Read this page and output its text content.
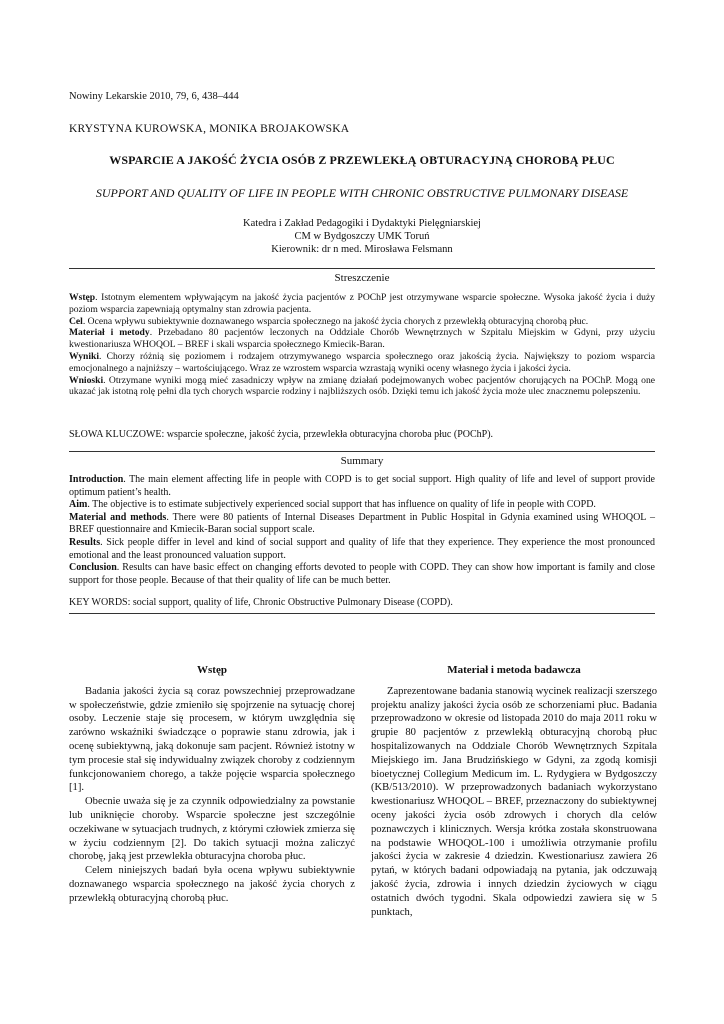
Nowiny Lekarskie 2010, 79, 6, 438–444
KRYSTYNA KUROWSKA, MONIKA BROJAKOWSKA
WSPARCIE A JAKOŚĆ ŻYCIA OSÓB Z PRZEWLEKŁĄ OBTURACYJNĄ CHOROBĄ PŁUC
SUPPORT AND QUALITY OF LIFE IN PEOPLE WITH CHRONIC OBSTRUCTIVE PULMONARY DISEASE
Katedra i Zakład Pedagogiki i Dydaktyki Pielęgniarskiej
CM w Bydgoszczy UMK Toruń
Kierownik: dr n med. Mirosława Felsmann
Streszczenie

Wstęp. Istotnym elementem wpływającym na jakość życia pacjentów z POChP jest otrzymywane wsparcie społeczne. Wysoka jakość życia i duży poziom wsparcia zapewniają optymalny stan zdrowia pacjenta.

Cel. Ocena wpływu subiektywnie doznawanego wsparcia społecznego na jakość życia chorych z przewlekłą obturacyjną chorobą płuc.

Materiał i metody. Przebadano 80 pacjentów leczonych na Oddziale Chorób Wewnętrznych w Szpitalu Miejskim w Gdyni, przy użyciu kwestionariusza WHOQOL – BREF i skali wsparcia społecznego Kmiecik-Baran.

Wyniki. Chorzy różnią się poziomem i rodzajem otrzymywanego wsparcia społecznego oraz jakością życia. Największy to poziom wsparcia emocjonalnego a najniższy – wartościującego. Wraz ze wzrostem wsparcia wzrastają wyniki oceny własnego życia i jakości życia.

Wnioski. Otrzymane wyniki mogą mieć zasadniczy wpływ na zmianę działań podejmowanych wobec pacjentów chorujących na POChP. Mogą one ukazać jak istotną rolę pełni dla tych chorych wsparcie rodziny i najbliższych osób. Dzięki temu ich jakość życia może ulec znacznemu polepszeniu.

SŁOWA KLUCZOWE: wsparcie społeczne, jakość życia, przewlekła obturacyjna choroba płuc (POChP).
Summary

Introduction. The main element affecting life in people with COPD is to get social support. High quality of life and level of support provide optimum patient’s health.

Aim. The objective is to estimate subjectively experienced social support that has influence on quality of life in people with COPD.

Material and methods. There were 80 patients of Internal Diseases Department in Public Hospital in Gdynia examined using WHOQOL – BREF questionnaire and Kmiecik-Baran social support scale.

Results. Sick people differ in level and kind of social support and quality of life that they experience. They experience the most pronounced emotional and the least pronounced valuation support.

Conclusion. Results can have basic effect on changing efforts devoted to people with COPD. They can show how important is family and close support for those people. Because of that their quality of life can be much better.

KEY WORDS: social support, quality of life, Chronic Obstructive Pulmonary Disease (COPD).
Wstęp

Badania jakości życia są coraz powszechniej przeprowadzane w społeczeństwie, gdzie zmieniło się spojrzenie na sytuację chorej osoby. Leczenie staje się procesem, w którym uwzględnia się zarówno wskaźniki świadczące o poprawie stanu zdrowia, jak i ocenę subiektywną, jaką dokonuje sam pacjent. Również istotny w tym procesie stał się indywidualny związek choroby z codziennym funkcjonowaniem chorego, a także pojęcie wsparcia społecznego [1].

Obecnie uważa się je za czynnik odpowiedzialny za powstanie lub uniknięcie choroby. Wsparcie społeczne jest szczególnie oczekiwane w sytuacjach trudnych, z którymi człowiek zmierza się w życiu codziennym [2]. Do takich sytuacji można zaliczyć chorobę, jaką jest przewlekła obturacyjna choroba płuc.

Celem niniejszych badań była ocena wpływu subiektywnie doznawanego wsparcia społecznego na jakość życia chorych z przewlekłą obturacyjną chorobą płuc.

Materiał i metoda badawcza

Zaprezentowane badania stanowią wycinek realizacji szerszego projektu analizy jakości życia osób ze schorzeniami płuc. Badania przeprowadzono w okresie od listopada 2010 do maja 2011 roku w grupie 80 pacjentów z przewlekłą obturacyjną chorobą płuc hospitalizowanych na Oddziale Chorób Wewnętrznych Szpitala Miejskiego im. Jana Brudzińskiego w Gdyni, za zgodą komisji bioetycznej Collegium Medicum im. L. Rydygiera w Bydgoszczy (KB/513/2010). W przeprowadzonych badaniach wykorzystano kwestionariusz WHOQOL – BREF, przeznaczony do subiektywnej oceny jakości życia osób zdrowych i chorych dla celów poznawczych i klinicznych. Wersja krótka została skonstruowana na podstawie WHOQOL-100 i umożliwia otrzymanie profilu jakości życia w zakresie 4 dziedzin. Kwestionariusz zawiera 26 pytań, w których badani odpowiadają na pytania, jak odczuwają jakość życia, zdrowia i innych dziedzin życiowych w ciągu ostatnich dwóch tygodni. Skala odpowiedzi zawiera się w 5 punktach,
